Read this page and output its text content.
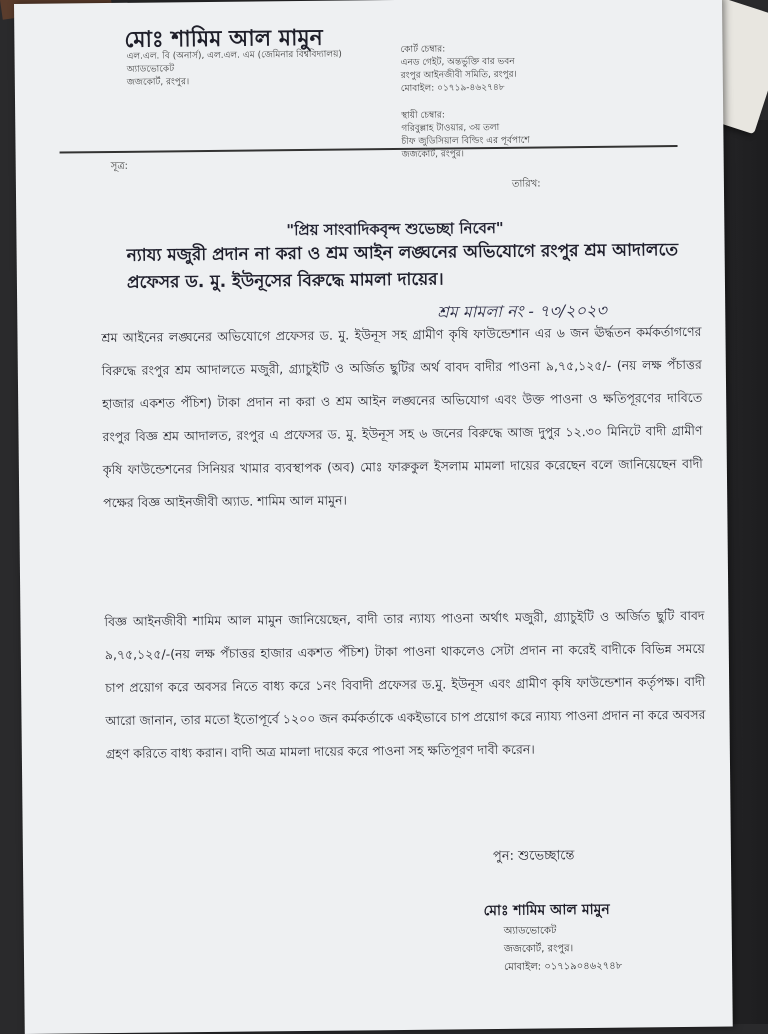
মোঃ শামিম আল মামুন
এল.এল. বি (অনার্স), এল.এল. এম (জেমিনার বিশ্ববিদ্যালয়)
অ্যাডভোকেট
জজকোর্ট, রংপুর।
কোর্ট চেম্বার:
এনড গেইট, অন্তর্ভুক্তি বার ভবন
রংপুর আইনজীবী সমিতি, রংপুর।
মোবাইল: ০১৭১৯-৪৬২৭৪৮
স্থায়ী চেম্বার:
গরিবুল্লাহ টাওয়ার, ৩য় তলা
চীফ জুডিসিয়াল বিল্ডিং এর পূর্বপাশে
জজকোর্ট, রংপুর।
সূত্র:
তারিখ:
"প্রিয় সাংবাদিকবৃন্দ শুভেচ্ছা নিবেন"
ন্যায্য মজুরী প্রদান না করা ও শ্রম আইন লঙ্ঘনের অভিযোগে রংপুর শ্রম আদালতে প্রফেসর ড. মু. ইউনূসের বিরুদ্ধে মামলা দায়ের।
শ্রম মামলা নং - ৭৩/২০২৩
শ্রম আইনের লঙ্ঘনের অভিযোগে প্রফেসর ড. মু. ইউনূস সহ গ্রামীণ কৃষি ফাউন্ডেশান এর ৬ জন ঊর্দ্ধতন কর্মকর্তাগণের বিরুদ্ধে রংপুর শ্রম আদালতে মজুরী, গ্র্যাচুইটি ও অর্জিত ছুটির অর্থ বাবদ বাদীর পাওনা ৯,৭৫,১২৫/- (নয় লক্ষ পঁচাত্তর হাজার একশত পঁচিশ) টাকা প্রদান না করা ও শ্রম আইন লঙ্ঘনের অভিযোগ এবং উক্ত পাওনা ও ক্ষতিপূরণের দাবিতে রংপুর বিজ্ঞ শ্রম আদালত, রংপুর এ প্রফেসর ড. মু. ইউনূস সহ ৬ জনের বিরুদ্ধে আজ দুপুর ১২.৩০ মিনিটে বাদী গ্রামীণ কৃষি ফাউন্ডেশনের সিনিয়র খামার ব্যবস্থাপক (অব) মোঃ ফারুকুল ইসলাম মামলা দায়ের করেছেন বলে জানিয়েছেন বাদী পক্ষের বিজ্ঞ আইনজীবী অ্যাড. শামিম আল মামুন।
বিজ্ঞ আইনজীবী শামিম আল মামুন জানিয়েছেন, বাদী তার ন্যায্য পাওনা অর্থাৎ মজুরী, গ্র্যাচুইটি ও অর্জিত ছুটি বাবদ ৯,৭৫,১২৫/-(নয় লক্ষ পঁচাত্তর হাজার একশত পঁচিশ) টাকা পাওনা থাকলেও সেটা প্রদান না করেই বাদীকে বিভিন্ন সময়ে চাপ প্রয়োগ করে অবসর নিতে বাধ্য করে ১নং বিবাদী প্রফেসর ড.মু. ইউনূস এবং গ্রামীণ কৃষি ফাউন্ডেশান কর্তৃপক্ষ। বাদী আরো জানান, তার মতো ইতোপূর্বে ১২০০ জন কর্মকর্তাকে একইভাবে চাপ প্রয়োগ করে ন্যায্য পাওনা প্রদান না করে অবসর গ্রহণ করিতে বাধ্য করান। বাদী অত্র মামলা দায়ের করে পাওনা সহ ক্ষতিপূরণ দাবী করেন।
পুন: শুভেচ্ছান্তে
মোঃ শামিম আল মামুন
অ্যাডভোকেট
জজকোর্ট, রংপুর।
মোবাইল: ০১৭১৯০৪৬২৭৪৮
